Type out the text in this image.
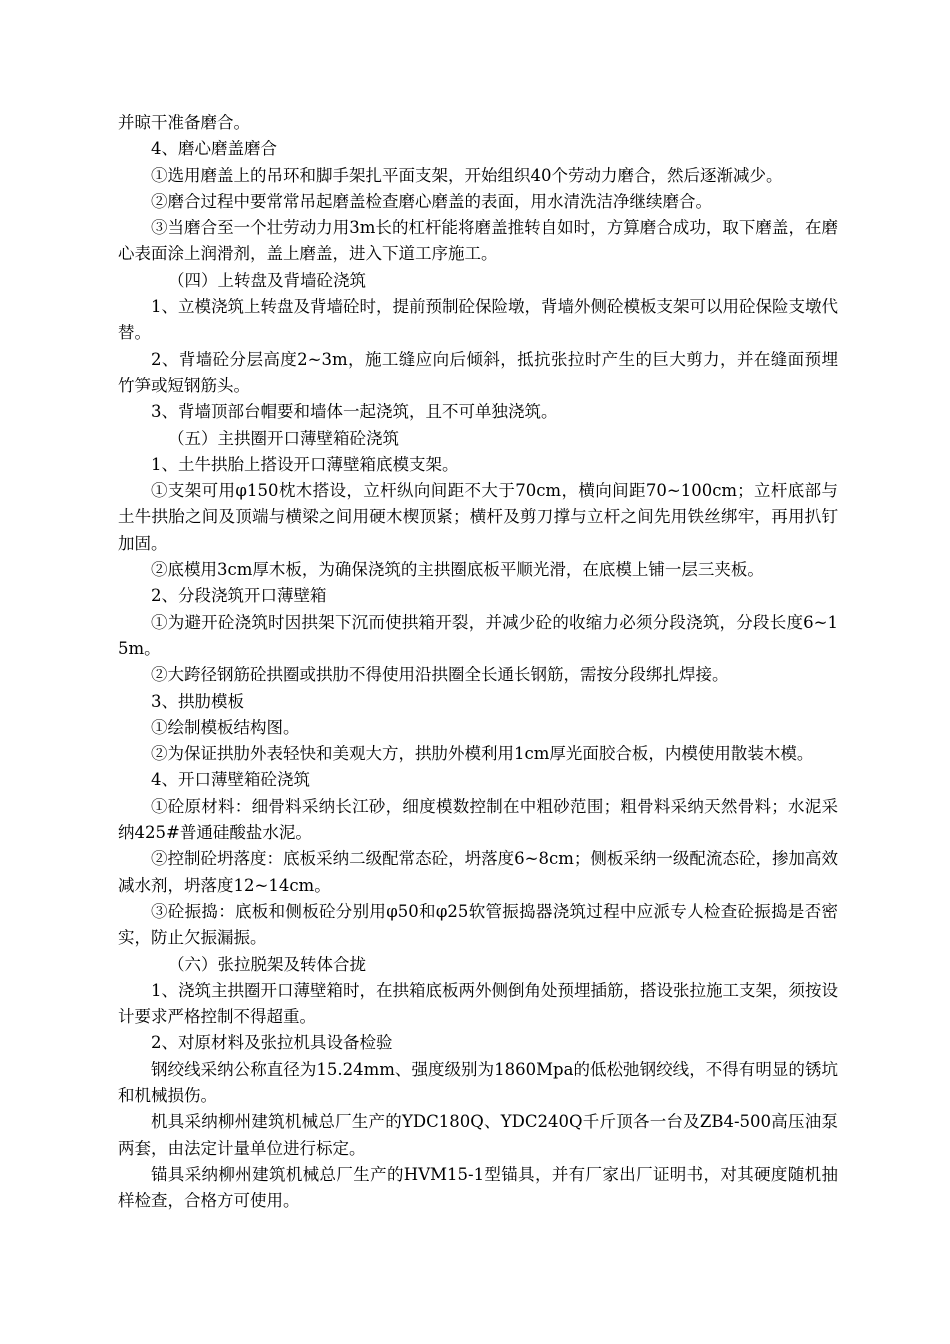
并晾干准备磨合。

4、磨心磨盖磨合

①选用磨盖上的吊环和脚手架扎平面支架，开始组织40个劳动力磨合，然后逐渐减少。

②磨合过程中要常常吊起磨盖检查磨心磨盖的表面，用水清洗洁净继续磨合。

③当磨合至一个壮劳动力用3m长的杠杆能将磨盖推转自如时，方算磨合成功，取下磨盖，在磨心表面涂上润滑剂，盖上磨盖，进入下道工序施工。

（四）上转盘及背墙砼浇筑

1、立模浇筑上转盘及背墙砼时，提前预制砼保险墩，背墙外侧砼模板支架可以用砼保险支墩代替。

2、背墙砼分层高度2~3m，施工缝应向后倾斜，抵抗张拉时产生的巨大剪力，并在缝面预埋竹笋或短钢筋头。

3、背墙顶部台帽要和墙体一起浇筑，且不可单独浇筑。

（五）主拱圈开口薄壁箱砼浇筑

1、土牛拱胎上搭设开口薄壁箱底模支架。

①支架可用φ150枕木搭设，立杆纵向间距不大于70cm，横向间距70~100cm；立杆底部与土牛拱胎之间及顶端与横梁之间用硬木楔顶紧；横杆及剪刀撑与立杆之间先用铁丝绑牢，再用扒钉加固。

②底模用3cm厚木板，为确保浇筑的主拱圈底板平顺光滑，在底模上铺一层三夹板。

2、分段浇筑开口薄壁箱

①为避开砼浇筑时因拱架下沉而使拱箱开裂，并减少砼的收缩力必须分段浇筑，分段长度6~15m。

②大跨径钢筋砼拱圈或拱肋不得使用沿拱圈全长通长钢筋，需按分段绑扎焊接。

3、拱肋模板

①绘制模板结构图。

②为保证拱肋外表轻快和美观大方，拱肋外模利用1cm厚光面胶合板，内模使用散装木模。

4、开口薄壁箱砼浇筑

①砼原材料：细骨料采纳长江砂，细度模数控制在中粗砂范围；粗骨料采纳天然骨料；水泥采纳425#普通硅酸盐水泥。

②控制砼坍落度：底板采纳二级配常态砼，坍落度6~8cm；侧板采纳一级配流态砼，掺加高效减水剂，坍落度12~14cm。

③砼振捣：底板和侧板砼分别用φ50和φ25软管振捣器浇筑过程中应派专人检查砼振捣是否密实，防止欠振漏振。

（六）张拉脱架及转体合拢

1、浇筑主拱圈开口薄壁箱时，在拱箱底板两外侧倒角处预埋插筋，搭设张拉施工支架，须按设计要求严格控制不得超重。

2、对原材料及张拉机具设备检验

钢绞线采纳公称直径为15.24mm、强度级别为1860Mpa的低松弛钢绞线，不得有明显的锈坑和机械损伤。

机具采纳柳州建筑机械总厂生产的YDC180Q、YDC240Q千斤顶各一台及ZB4-500高压油泵两套，由法定计量单位进行标定。

锚具采纳柳州建筑机械总厂生产的HVM15-1型锚具，并有厂家出厂证明书，对其硬度随机抽样检查，合格方可使用。
